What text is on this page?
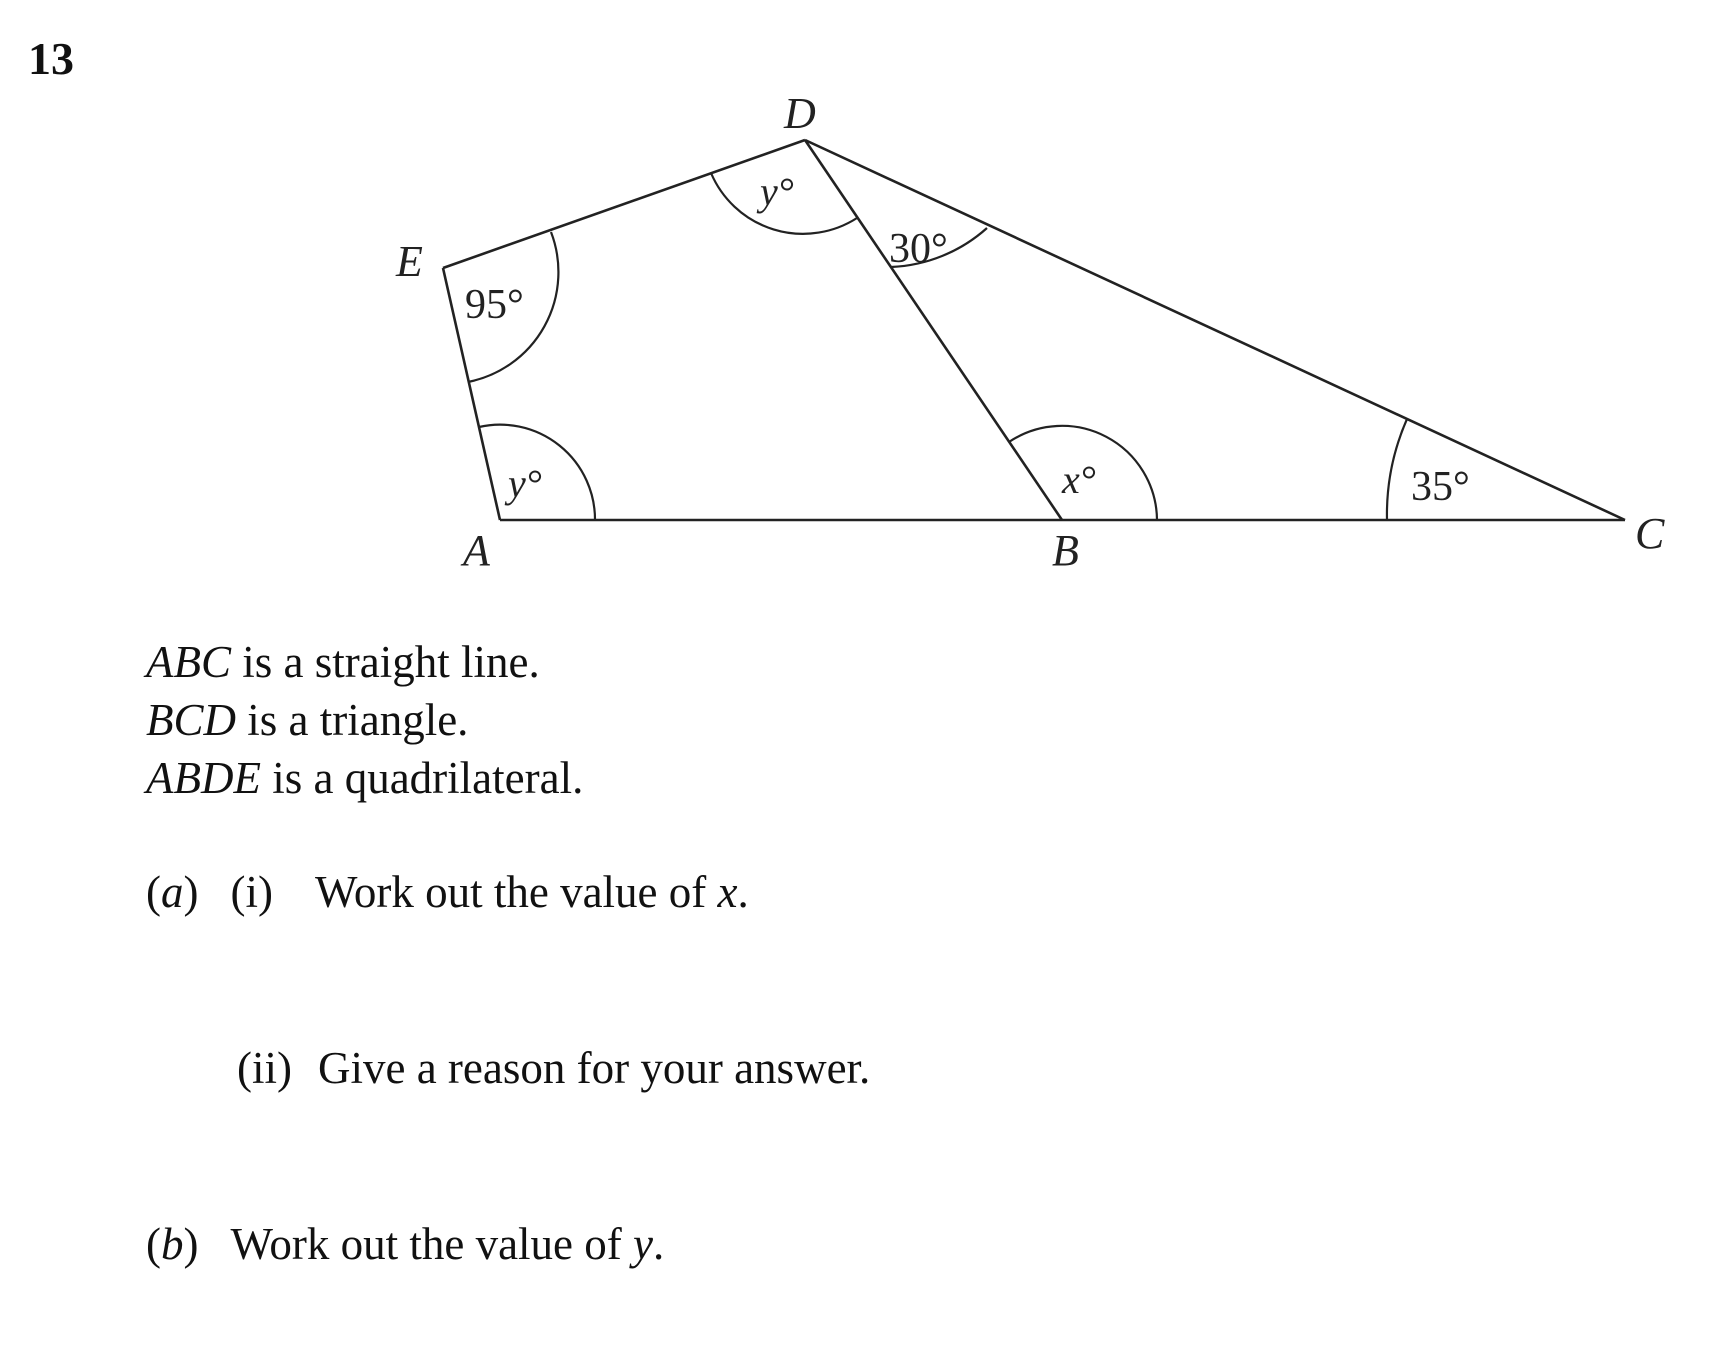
13
D
E
A	B	C
95°
y°
30°
y°	x°	35°
ABC is a straight line.
BCD is a triangle.
ABDE is a quadrilateral.
(a) (i) Work out the value of x.
(ii) Give a reason for your answer.
(b) Work out the value of y.
